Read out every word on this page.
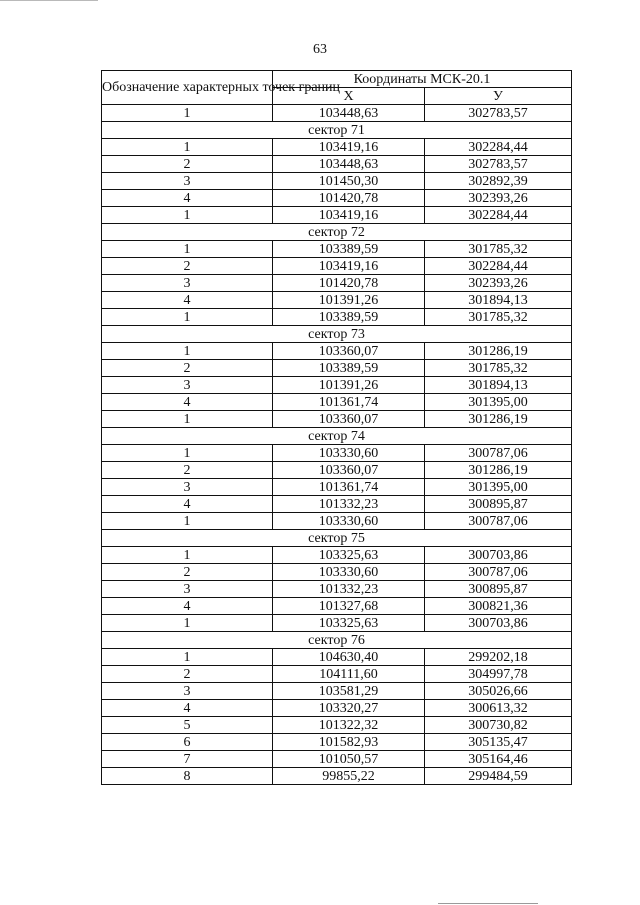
63
Обозначение характерных точек границ	Координаты МСК-20.1	
	Х	У
1	103448,63	302783,57
сектор 71		
1	103419,16	302284,44
2	103448,63	302783,57
3	101450,30	302892,39
4	101420,78	302393,26
1	103419,16	302284,44
сектор 72		
1	103389,59	301785,32
2	103419,16	302284,44
3	101420,78	302393,26
4	101391,26	301894,13
1	103389,59	301785,32
сектор 73		
1	103360,07	301286,19
2	103389,59	301785,32
3	101391,26	301894,13
4	101361,74	301395,00
1	103360,07	301286,19
сектор 74		
1	103330,60	300787,06
2	103360,07	301286,19
3	101361,74	301395,00
4	101332,23	300895,87
1	103330,60	300787,06
сектор 75		
1	103325,63	300703,86
2	103330,60	300787,06
3	101332,23	300895,87
4	101327,68	300821,36
1	103325,63	300703,86
сектор 76		
1	104630,40	299202,18
2	104111,60	304997,78
3	103581,29	305026,66
4	103320,27	300613,32
5	101322,32	300730,82
6	101582,93	305135,47
7	101050,57	305164,46
8	99855,22	299484,59
